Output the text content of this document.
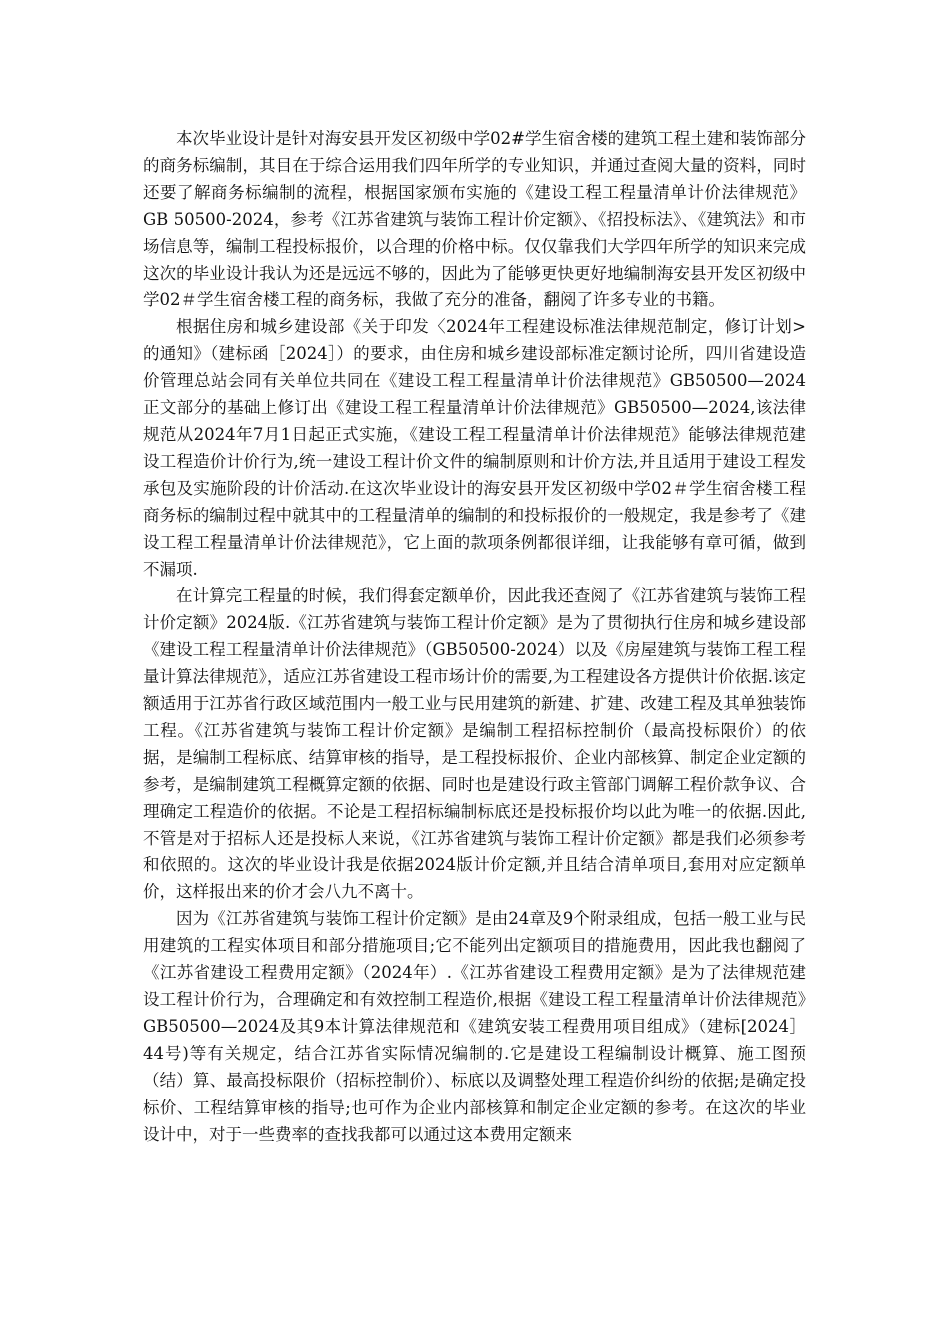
本次毕业设计是针对海安县开发区初级中学02#学生宿舍楼的建筑工程土建和装饰部分的商务标编制，其目在于综合运用我们四年所学的专业知识，并通过查阅大量的资料，同时还要了解商务标编制的流程，根据国家颁布实施的《建设工程工程量清单计价法律规范》GB 50500-2024，参考《江苏省建筑与装饰工程计价定额》、《招投标法》、《建筑法》和市场信息等，编制工程投标报价，以合理的价格中标。仅仅靠我们大学四年所学的知识来完成这次的毕业设计我认为还是远远不够的，因此为了能够更快更好地编制海安县开发区初级中学02＃学生宿舍楼工程的商务标，我做了充分的准备，翻阅了许多专业的书籍。

根据住房和城乡建设部《关于印发〈2024年工程建设标准法律规范制定，修订计划>的通知》（建标函［2024］）的要求，由住房和城乡建设部标准定额讨论所，四川省建设造价管理总站会同有关单位共同在《建设工程工程量清单计价法律规范》GB50500—2024正文部分的基础上修订出《建设工程工程量清单计价法律规范》GB50500—2024,该法律规范从2024年7月1日起正式实施，《建设工程工程量清单计价法律规范》能够法律规范建设工程造价计价行为,统一建设工程计价文件的编制原则和计价方法,并且适用于建设工程发承包及实施阶段的计价活动.在这次毕业设计的海安县开发区初级中学02＃学生宿舍楼工程商务标的编制过程中就其中的工程量清单的编制的和投标报价的一般规定，我是参考了《建设工程工程量清单计价法律规范》，它上面的款项条例都很详细，让我能够有章可循，做到不漏项.

在计算完工程量的时候，我们得套定额单价，因此我还查阅了《江苏省建筑与装饰工程计价定额》2024版.《江苏省建筑与装饰工程计价定额》是为了贯彻执行住房和城乡建设部《建设工程工程量清单计价法律规范》（GB50500-2024）以及《房屋建筑与装饰工程工程量计算法律规范》，适应江苏省建设工程市场计价的需要,为工程建设各方提供计价依据.该定额适用于江苏省行政区域范围内一般工业与民用建筑的新建、扩建、改建工程及其单独装饰工程。《江苏省建筑与装饰工程计价定额》是编制工程招标控制价（最高投标限价）的依据，是编制工程标底、结算审核的指导，是工程投标报价、企业内部核算、制定企业定额的参考，是编制建筑工程概算定额的依据、同时也是建设行政主管部门调解工程价款争议、合理确定工程造价的依据。不论是工程招标编制标底还是投标报价均以此为唯一的依据.因此,不管是对于招标人还是投标人来说，《江苏省建筑与装饰工程计价定额》都是我们必须参考和依照的。这次的毕业设计我是依据2024版计价定额,并且结合清单项目,套用对应定额单价，这样报出来的价才会八九不离十。

因为《江苏省建筑与装饰工程计价定额》是由24章及9个附录组成，包括一般工业与民用建筑的工程实体项目和部分措施项目;它不能列出定额项目的措施费用，因此我也翻阅了《江苏省建设工程费用定额》（2024年）.《江苏省建设工程费用定额》是为了法律规范建设工程计价行为，合理确定和有效控制工程造价,根据《建设工程工程量清单计价法律规范》GB50500—2024及其9本计算法律规范和《建筑安装工程费用项目组成》（建标[2024］44号)等有关规定，结合江苏省实际情况编制的.它是建设工程编制设计概算、施工图预（结）算、最高投标限价（招标控制价）、标底以及调整处理工程造价纠纷的依据;是确定投标价、工程结算审核的指导;也可作为企业内部核算和制定企业定额的参考。在这次的毕业设计中，对于一些费率的查找我都可以通过这本费用定额来
